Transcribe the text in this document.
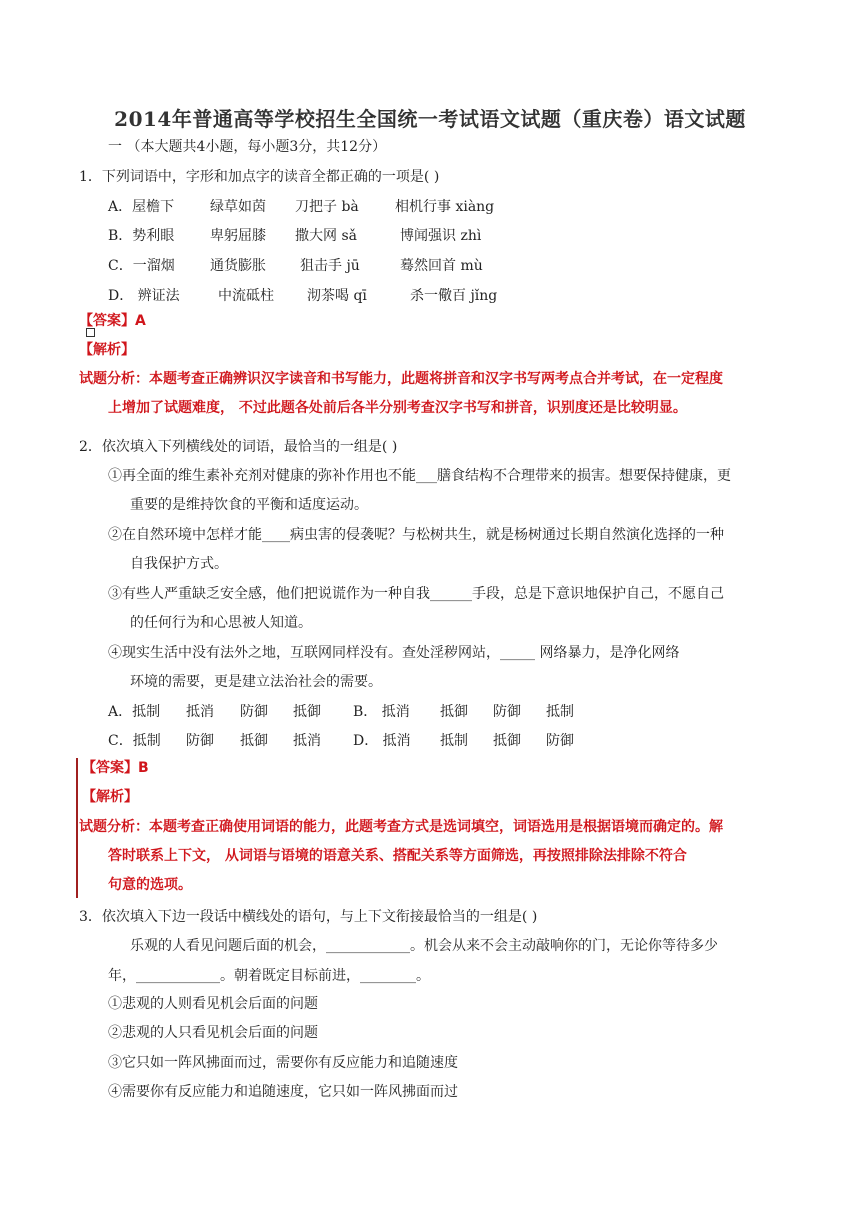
2014年普通高等学校招生全国统一考试语文试题（重庆卷）语文试题
一 （本大题共4小题，每小题3分，共12分）
1．下列词语中，字形和加点字的读音全都正确的一项是( )
A．屋檐下	绿草如茵 刀把子 bà	相机行事 xiàng
B．势利眼	卑躬屈膝 撒大网 sǎ	博闻强识 zhì
C．一溜烟	通货膨胀 狙击手 jū	蓦然回首 mù
D． 辨证法	中流砥柱 沏茶喝 qī	杀一儆百 jǐng
【答案】A
【解析】
试题分析：本题考查正确辨识汉字读音和书写能力，此题将拼音和汉字书写两考点合并考试，在一定程度
上增加了试题难度， 不过此题各处前后各半分别考查汉字书写和拼音，识别度还是比较明显。
2．依次填入下列横线处的词语，最恰当的一组是( )
①再全面的维生素补充剂对健康的弥补作用也不能___膳食结构不合理带来的损害。想要保持健康，更
重要的是维持饮食的平衡和适度运动。
②在自然环境中怎样才能____病虫害的侵袭呢？与松树共生，就是杨树通过长期自然演化选择的一种
自我保护方式。
③有些人严重缺乏安全感，他们把说谎作为一种自我______手段，总是下意识地保护自己，不愿自己
的任何行为和心思被人知道。
④现实生活中没有法外之地，互联网同样没有。查处淫秽网站，_____ 网络暴力，是净化网络
环境的需要，更是建立法治社会的需要。
A．抵制 抵消 防御 抵御 B． 抵消 抵御 防御 抵制
C．抵制 防御 抵御 抵消 D． 抵消 抵制 抵御 防御
【答案】B
【解析】
试题分析：本题考查正确使用词语的能力，此题考查方式是选词填空，词语选用是根据语境而确定的。解
答时联系上下文， 从词语与语境的语意关系、搭配关系等方面筛选，再按照排除法排除不符合
句意的选项。
3．依次填入下边一段话中横线处的语句，与上下文衔接最恰当的一组是( )
乐观的人看见问题后面的机会，____________。机会从来不会主动敲响你的门，无论你等待多少
年，____________。朝着既定目标前进，________。
①悲观的人则看见机会后面的问题
②悲观的人只看见机会后面的问题
③它只如一阵风拂面而过，需要你有反应能力和追随速度
④需要你有反应能力和追随速度，它只如一阵风拂面而过
